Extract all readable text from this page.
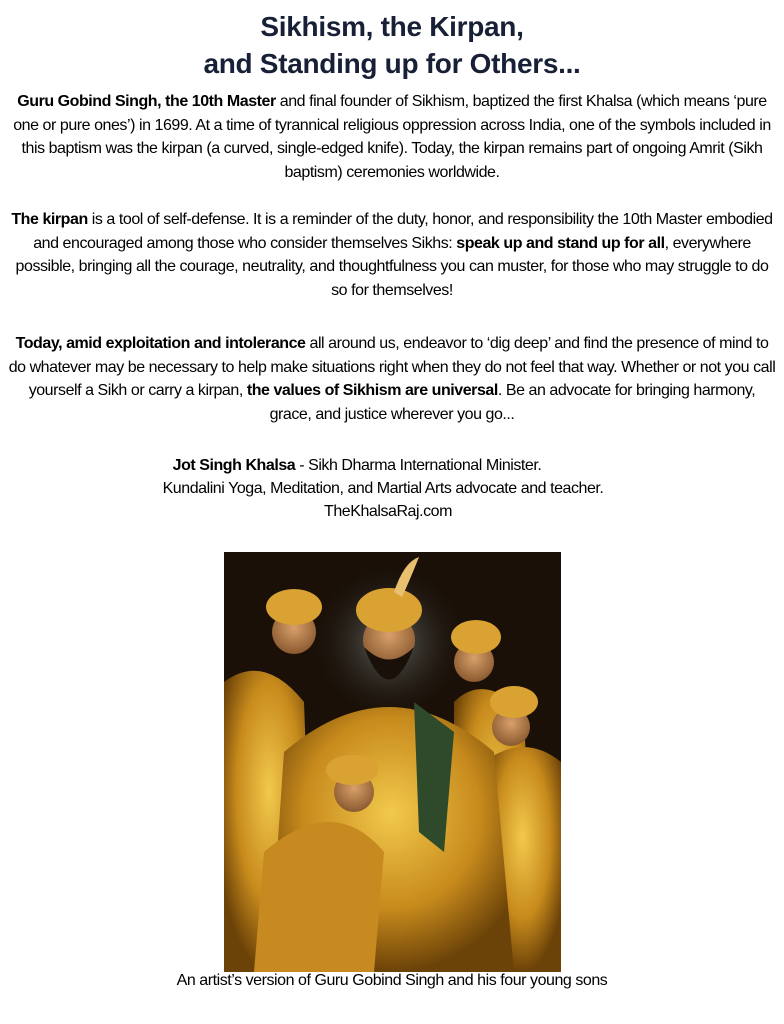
Sikhism, the Kirpan,
and Standing up for Others...
Guru Gobind Singh, the 10th Master and final founder of Sikhism, baptized the first Khalsa (which means ‘pure one or pure ones’) in 1699. At a time of tyrannical religious oppression across India, one of the symbols included in this baptism was the kirpan (a curved, single-edged knife). Today, the kirpan remains part of ongoing Amrit (Sikh baptism) ceremonies worldwide.
The kirpan is a tool of self-defense. It is a reminder of the duty, honor, and responsibility the 10th Master embodied and encouraged among those who consider themselves Sikhs: speak up and stand up for all, everywhere possible, bringing all the courage, neutrality, and thoughtfulness you can muster, for those who may struggle to do so for themselves!
Today, amid exploitation and intolerance all around us, endeavor to ‘dig deep’ and find the presence of mind to do whatever may be necessary to help make situations right when they do not feel that way. Whether or not you call yourself a Sikh or carry a kirpan, the values of Sikhism are universal. Be an advocate for bringing harmony, grace, and justice wherever you go...
Jot Singh Khalsa - Sikh Dharma International Minister.
Kundalini Yoga, Meditation, and Martial Arts advocate and teacher.
TheKhalsaRaj.com
An artist’s version of Guru Gobind Singh and his four young sons
